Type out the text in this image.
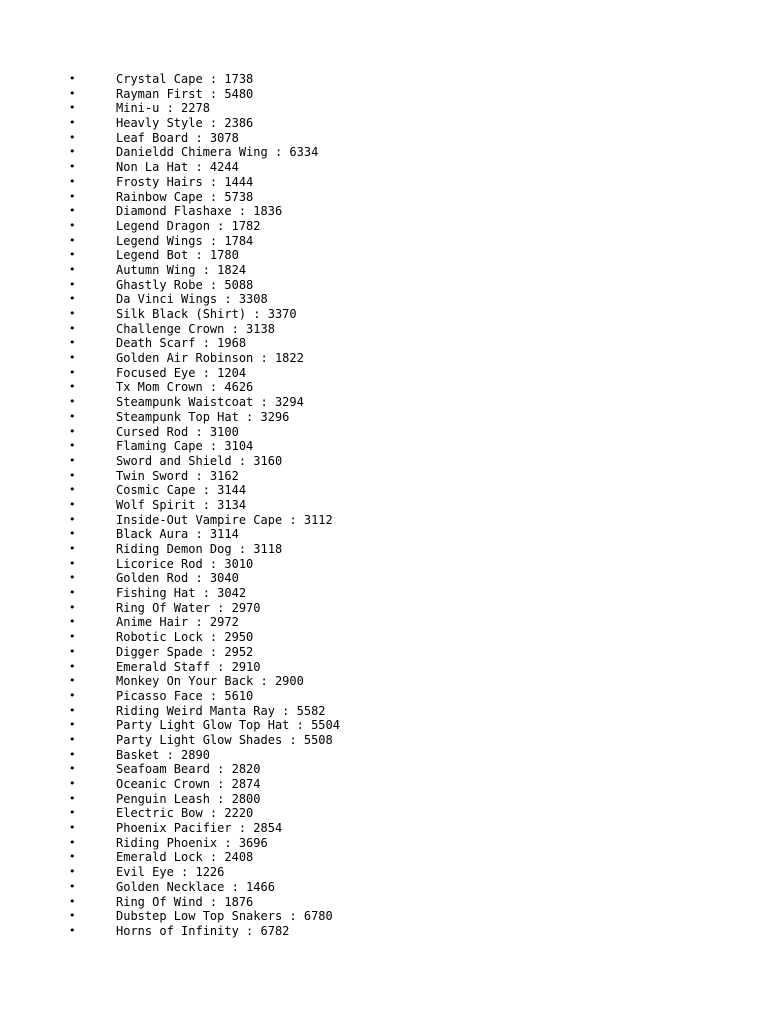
•	Crystal Cape : 1738
•	Rayman First : 5480
•	Mini-u : 2278
•	Heavly Style : 2386
•	Leaf Board : 3078
•	Danieldd Chimera Wing : 6334
•	Non La Hat : 4244
•	Frosty Hairs : 1444
•	Rainbow Cape : 5738
•	Diamond Flashaxe : 1836
•	Legend Dragon : 1782
•	Legend Wings : 1784
•	Legend Bot : 1780
•	Autumn Wing : 1824
•	Ghastly Robe : 5088
•	Da Vinci Wings : 3308
•	Silk Black (Shirt) : 3370
•	Challenge Crown : 3138
•	Death Scarf : 1968
•	Golden Air Robinson : 1822
•	Focused Eye : 1204
•	Tx Mom Crown : 4626
•	Steampunk Waistcoat : 3294
•	Steampunk Top Hat : 3296
•	Cursed Rod : 3100
•	Flaming Cape : 3104
•	Sword and Shield : 3160
•	Twin Sword : 3162
•	Cosmic Cape : 3144
•	Wolf Spirit : 3134
•	Inside-Out Vampire Cape : 3112
•	Black Aura : 3114
•	Riding Demon Dog : 3118
•	Licorice Rod : 3010
•	Golden Rod : 3040
•	Fishing Hat : 3042
•	Ring Of Water : 2970
•	Anime Hair : 2972
•	Robotic Lock : 2950
•	Digger Spade : 2952
•	Emerald Staff : 2910
•	Monkey On Your Back : 2900
•	Picasso Face : 5610
•	Riding Weird Manta Ray : 5582
•	Party Light Glow Top Hat : 5504
•	Party Light Glow Shades : 5508
•	Basket : 2890
•	Seafoam Beard : 2820
•	Oceanic Crown : 2874
•	Penguin Leash : 2800
•	Electric Bow : 2220
•	Phoenix Pacifier : 2854
•	Riding Phoenix : 3696
•	Emerald Lock : 2408
•	Evil Eye : 1226
•	Golden Necklace : 1466
•	Ring Of Wind : 1876
•	Dubstep Low Top Snakers : 6780
•	Horns of Infinity : 6782
